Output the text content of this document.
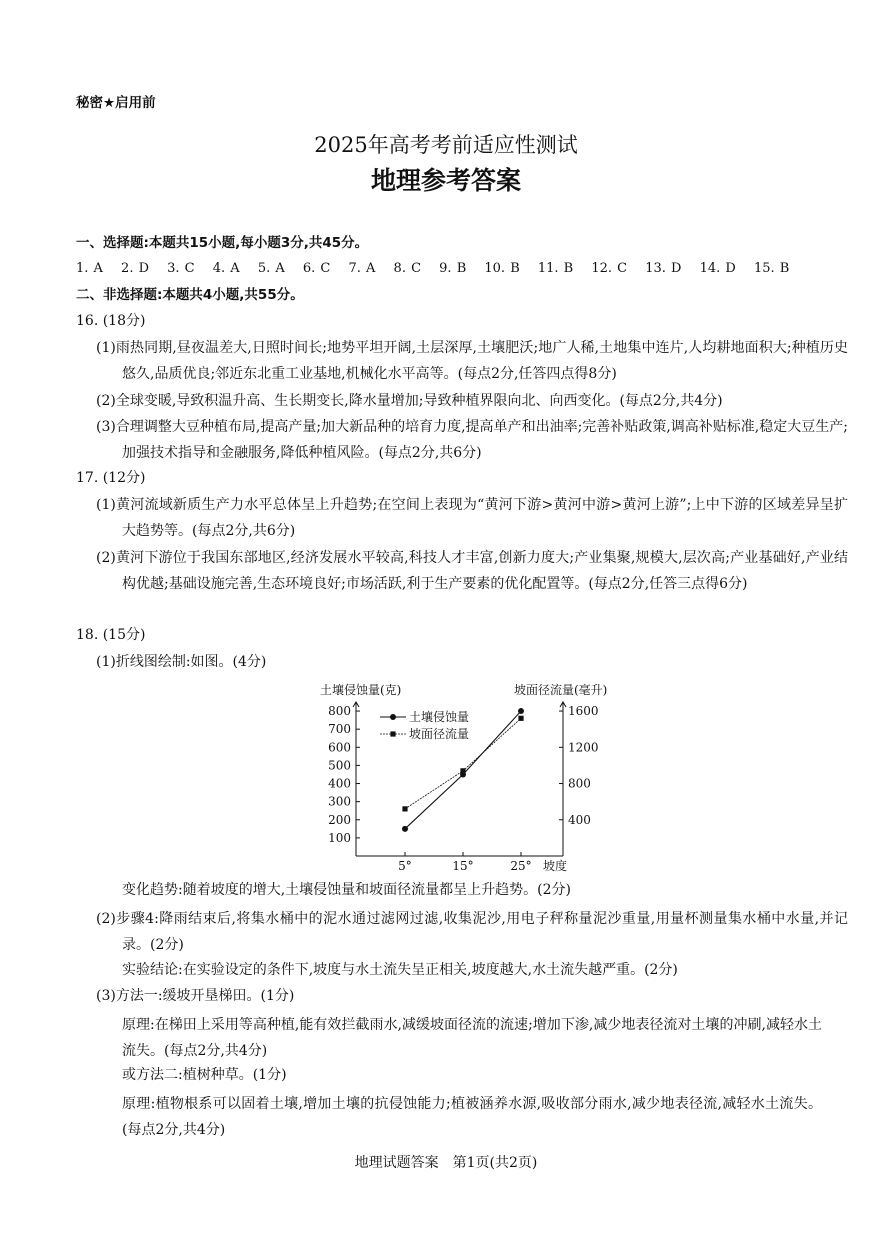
秘密★启用前
2025年高考考前适应性测试
地理参考答案
一、选择题:本题共15小题,每小题3分,共45分。
1. A　 2. D　 3. C　 4. A　 5. A　 6. C　 7. A　 8. C　 9. B　 10. B　 11. B　 12. C　 13. D　 14. D　 15. B
二、非选择题:本题共4小题,共55分。
16. (18分)
(1)雨热同期,昼夜温差大,日照时间长;地势平坦开阔,土层深厚,土壤肥沃;地广人稀,土地集中连片,人均耕地面积大;种植历史悠久,品质优良;邻近东北重工业基地,机械化水平高等。(每点2分,任答四点得8分)
(2)全球变暖,导致积温升高、生长期变长,降水量增加;导致种植界限向北、向西变化。(每点2分,共4分)
(3)合理调整大豆种植布局,提高产量;加大新品种的培育力度,提高单产和出油率;完善补贴政策,调高补贴标准,稳定大豆生产;加强技术指导和金融服务,降低种植风险。(每点2分,共6分)
17. (12分)
(1)黄河流域新质生产力水平总体呈上升趋势;在空间上表现为“黄河下游>黄河中游>黄河上游”;上中下游的区域差异呈扩大趋势等。(每点2分,共6分)
(2)黄河下游位于我国东部地区,经济发展水平较高,科技人才丰富,创新力度大;产业集聚,规模大,层次高;产业基础好,产业结构优越;基础设施完善,生态环境良好;市场活跃,利于生产要素的优化配置等。(每点2分,任答三点得6分)
18. (15分)
(1)折线图绘制:如图。(4分)
土壤侵蚀量(克)	坡面径流量(毫升)
100
200
300
400
500
600
700
800
400
800
1200
1600
5°	15°	25° 坡度
土壤侵蚀量
坡面径流量
变化趋势:随着坡度的增大,土壤侵蚀量和坡面径流量都呈上升趋势。(2分)
(2)步骤4:降雨结束后,将集水桶中的泥水通过滤网过滤,收集泥沙,用电子秤称量泥沙重量,用量杯测量集水桶中水量,并记录。(2分)
实验结论:在实验设定的条件下,坡度与水土流失呈正相关,坡度越大,水土流失越严重。(2分)
(3)方法一:缓坡开垦梯田。(1分)
原理:在梯田上采用等高种植,能有效拦截雨水,减缓坡面径流的流速;增加下渗,减少地表径流对土壤的冲刷,减轻水土流失。(每点2分,共4分)
或方法二:植树种草。(1分)
原理:植物根系可以固着土壤,增加土壤的抗侵蚀能力;植被涵养水源,吸收部分雨水,减少地表径流,减轻水土流失。(每点2分,共4分)
地理试题答案　第1页(共2页)
